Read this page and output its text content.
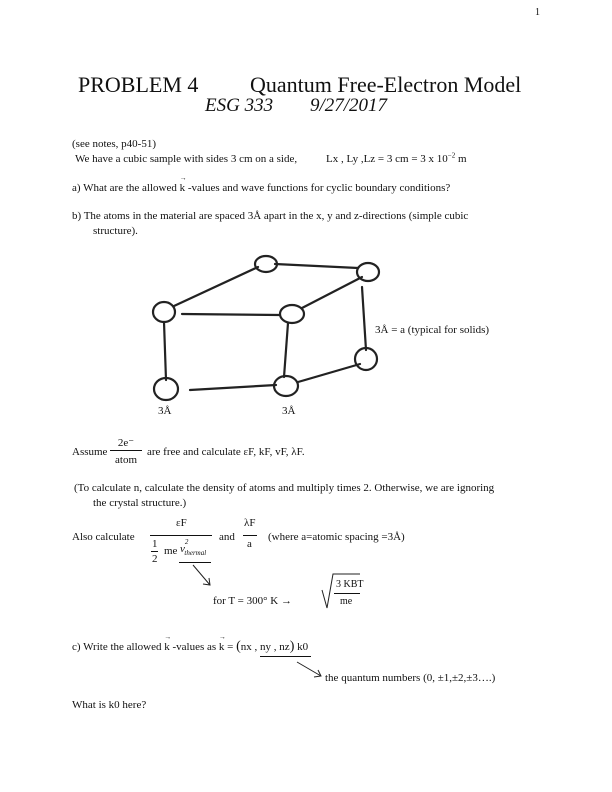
1
PROBLEM 4 Quantum Free-Electron Model
ESG 333 9/27/2017
(see notes, p40-51)
We have a cubic sample with sides 3 cm on a side,	Lx , Ly ,Lz = 3 cm = 3 x $10^{-2}$ m
a) What are the allowed → k -values and wave functions for cyclic boundary conditions?
b) The atoms in the material are spaced 3Å apart in the x, y and z-directions (simple cubic
structure).
3Å = a (typical for solids)
3Å	3Å
Assume
2e⁻
atom
are free and calculate εF, kF, vF, λF.
(To calculate n, calculate the density of atoms and multiply times 2. Otherwise, we are ignoring
the crystal structure.)
Also calculate
εF
1
2
me $v^2_{thermal}$
and
λF
a
(where a=atomic spacing =3Å)
for T = 300° K →
3 KBT
me
c) Write the allowed → k -values as → k = (nx , ny , nz) k0
the quantum numbers (0, ±1,±2,±3….)
What is k0 here?
